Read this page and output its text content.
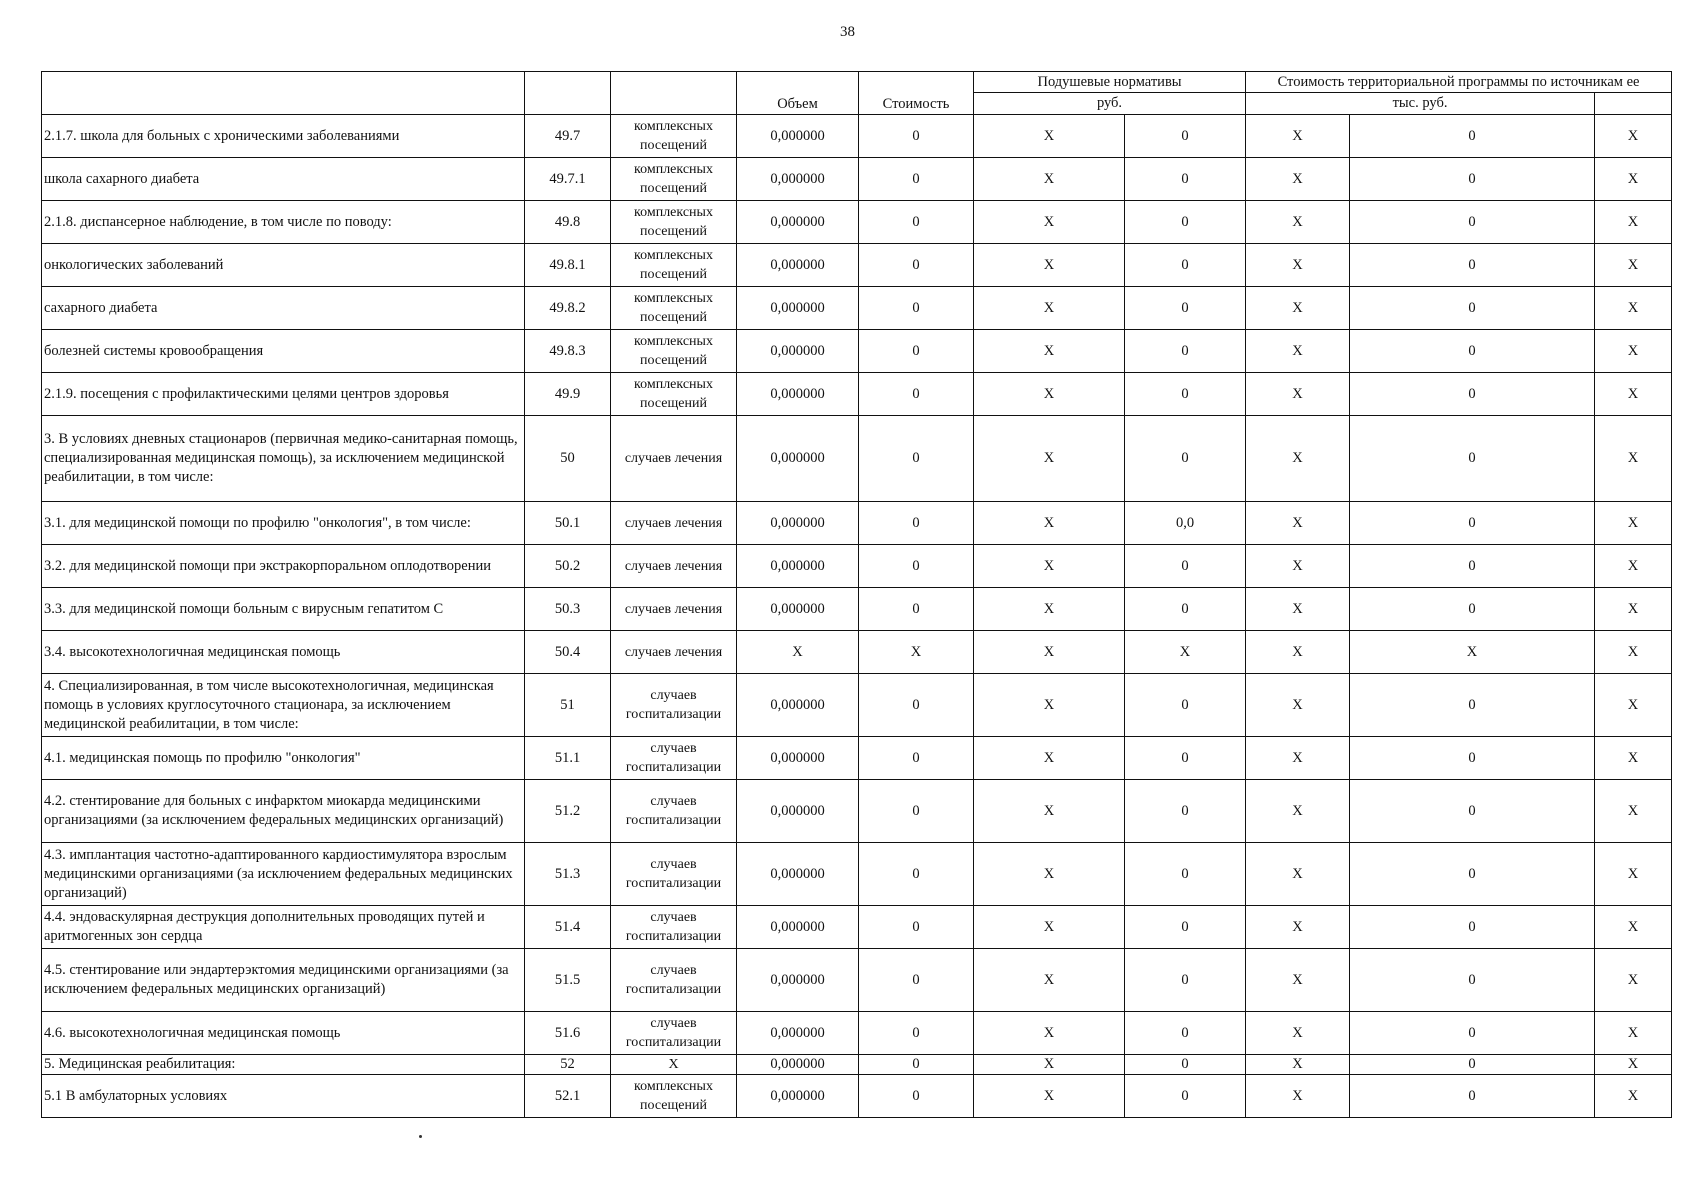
38
			Объем	Стоимость	Подушевые нормативы		Стоимость территориальной программы по источникам ее		
					руб.		тыс. руб.		
2.1.7. школа для больных с хроническими заболеваниями	49.7	комплексных посещений	0,000000	0	X	0	X	0	X
школа сахарного диабета	49.7.1	комплексных посещений	0,000000	0	X	0	X	0	X
2.1.8. диспансерное наблюдение, в том числе по поводу:	49.8	комплексных посещений	0,000000	0	X	0	X	0	X
онкологических заболеваний	49.8.1	комплексных посещений	0,000000	0	X	0	X	0	X
сахарного диабета	49.8.2	комплексных посещений	0,000000	0	X	0	X	0	X
болезней системы кровообращения	49.8.3	комплексных посещений	0,000000	0	X	0	X	0	X
2.1.9. посещения с профилактическими целями центров здоровья	49.9	комплексных посещений	0,000000	0	X	0	X	0	X
3. В условиях дневных стационаров (первичная медико-санитарная помощь, специализированная медицинская помощь), за исключением медицинской реабилитации, в том числе:	50	случаев лечения	0,000000	0	X	0	X	0	X
3.1. для медицинской помощи по профилю "онкология", в том числе:	50.1	случаев лечения	0,000000	0	X	0,0	X	0	X
3.2. для медицинской помощи при экстракорпоральном оплодотворении	50.2	случаев лечения	0,000000	0	X	0	X	0	X
3.3. для медицинской помощи больным с вирусным гепатитом С	50.3	случаев лечения	0,000000	0	X	0	X	0	X
3.4. высокотехнологичная медицинская помощь	50.4	случаев лечения	X	X	X	X	X	X	X
4. Специализированная, в том числе высокотехнологичная, медицинская помощь в условиях круглосуточного стационара, за исключением медицинской реабилитации, в том числе:	51	случаев госпитализации	0,000000	0	X	0	X	0	X
4.1. медицинская помощь по профилю "онкология"	51.1	случаев госпитализации	0,000000	0	X	0	X	0	X
4.2. стентирование для больных с инфарктом миокарда медицинскими организациями (за исключением федеральных медицинских организаций)	51.2	случаев госпитализации	0,000000	0	X	0	X	0	X
4.3. имплантация частотно-адаптированного кардиостимулятора взрослым медицинскими организациями (за исключением федеральных медицинских организаций)	51.3	случаев госпитализации	0,000000	0	X	0	X	0	X
4.4. эндоваскулярная деструкция дополнительных проводящих путей и аритмогенных зон сердца	51.4	случаев госпитализации	0,000000	0	X	0	X	0	X
4.5. стентирование или эндартерэктомия медицинскими организациями (за исключением федеральных медицинских организаций)	51.5	случаев госпитализации	0,000000	0	X	0	X	0	X
4.6. высокотехнологичная медицинская помощь	51.6	случаев госпитализации	0,000000	0	X	0	X	0	X
5. Медицинская реабилитация:	52	X	0,000000	0	X	0	X	0	X
5.1 В амбулаторных условиях	52.1	комплексных посещений	0,000000	0	X	0	X	0	X
